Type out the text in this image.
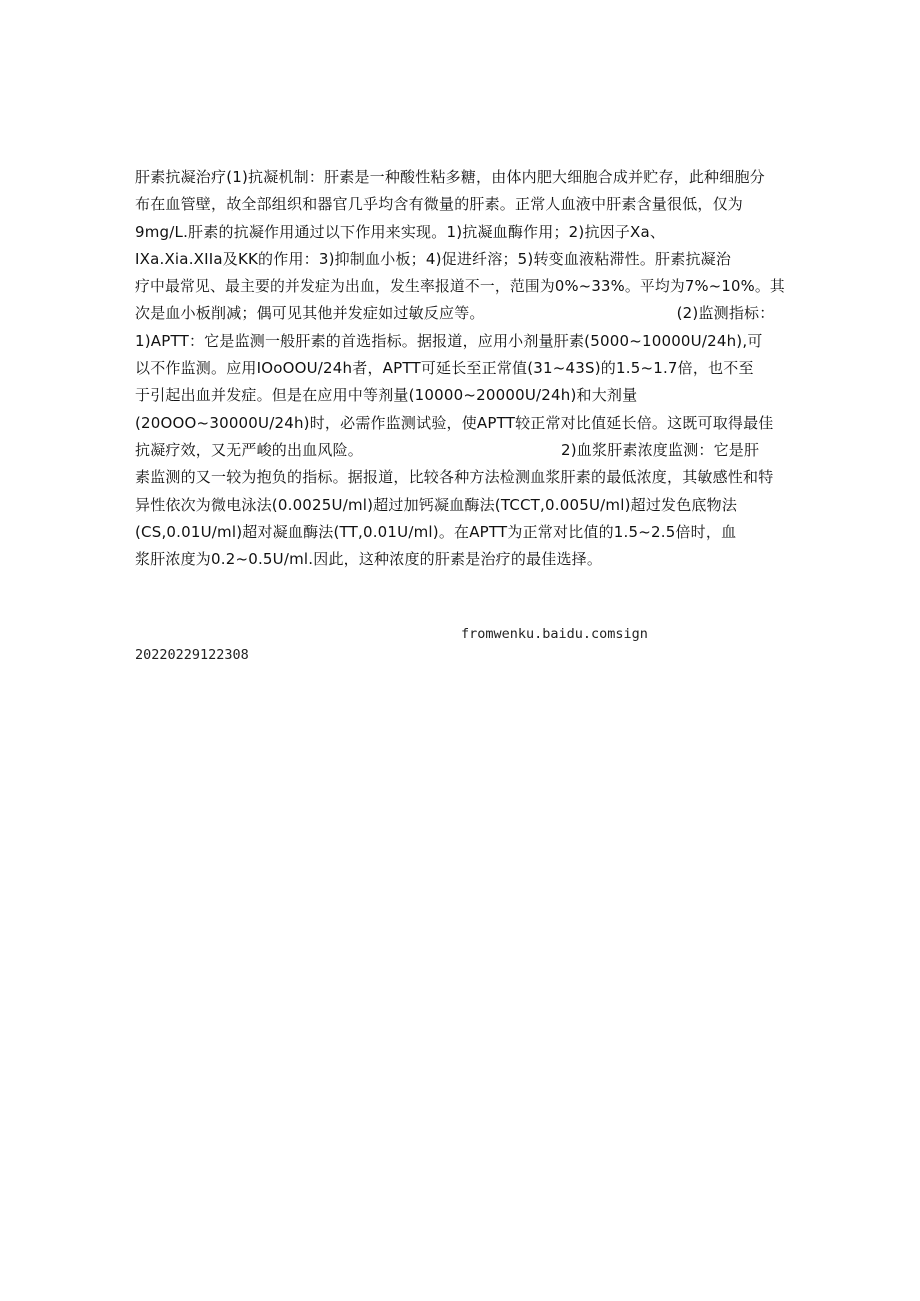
肝素抗凝治疗(1)抗凝机制：肝素是一种酸性粘多糖，由体内肥大细胞合成并贮存，此种细胞分
布在血管壁，故全部组织和器官几乎均含有微量的肝素。正常人血液中肝素含量很低，仅为
9mg∕L.肝素的抗凝作用通过以下作用来实现。1)抗凝血酶作用；2)抗因子Xa、
IXa.Xia.XIIa及KK的作用：3)抑制血小板；4)促进纤溶；5)转变血液粘滞性。肝素抗凝治
疗中最常见、最主要的并发症为出血，发生率报道不一，范围为0%~33%。平均为7%~10%。其
次是血小板削减；偶可见其他并发症如过敏反应等。	(2)监测指标：
1)APTT：它是监测一般肝素的首选指标。据报道，应用小剂量肝素(5000~10000U/24h),可
以不作监测。应用IOoOOU/24h者，APTT可延长至正常值(31~43S)的1.5~1.7倍，也不至
于引起出血并发症。但是在应用中等剂量(10000~20000U/24h)和大剂量
(20OOO~30000U/24h)时，必需作监测试验，使APTT较正常对比值延长倍。这既可取得最佳
抗凝疗效，又无严峻的出血风险。	2)血浆肝素浓度监测：它是肝
素监测的又一较为抱负的指标。据报道，比较各种方法检测血浆肝素的最低浓度，其敏感性和特
异性依次为微电泳法(0.0025U∕ml)超过加钙凝血酶法(TCCT,0.005U∕ml)超过发色底物法
(CS,0.01U∕ml)超对凝血酶法(TT,0.01U∕ml)。在APTT为正常对比值的1.5~2.5倍时，血
浆肝浓度为0.2~0.5U∕ml.因此，这种浓度的肝素是治疗的最佳选择。
fromwenku.baidu.comsign
20220229122308
